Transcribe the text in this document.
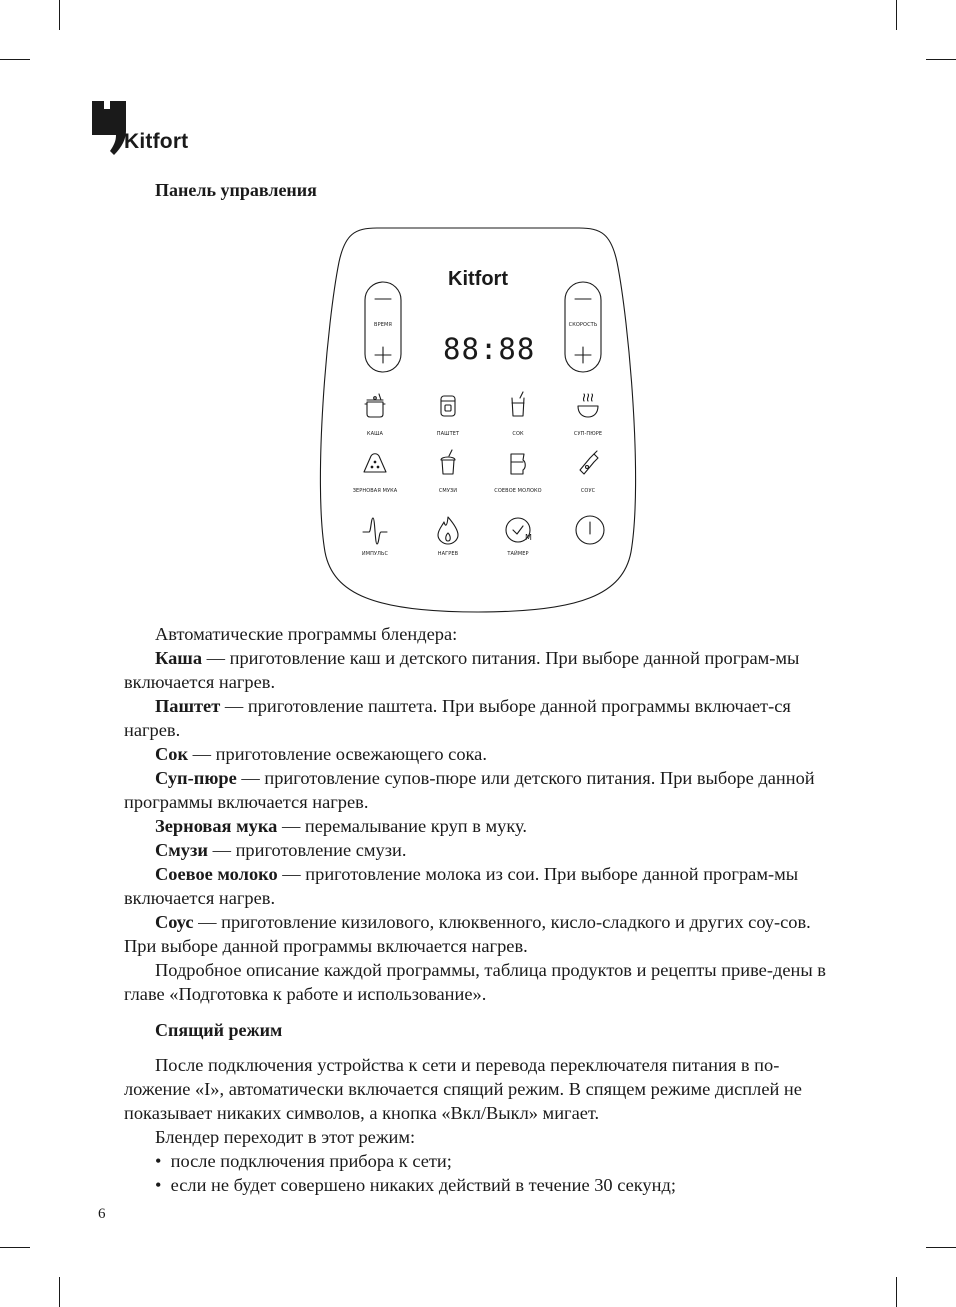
Kitfort
Панель управления
M
Kitfort
88:88
ВРЕМЯ	СКОРОСТЬ
КАША	ПАШТЕТ	СОК	СУП-ПЮРЕ
ЗЕРНОВАЯ МУКА	СМУЗИ	СОЕВОЕ МОЛОКО	СОУС
ИМПУЛЬС	НАГРЕВ	ТАЙМЕР

Автоматические программы блендера:

Каша — приготовление каш и детского питания. При выборе данной програм-мы включается нагрев.

Паштет — приготовление паштета. При выборе данной программы включает-ся нагрев.

Сок — приготовление освежающего сока.

Суп-пюре — приготовление супов-пюре или детского питания. При выборе данной программы включается нагрев.

Зерновая мука — перемалывание круп в муку.

Смузи — приготовление смузи.

Соевое молоко — приготовление молока из сои. При выборе данной програм-мы включается нагрев.

Соус — приготовление кизилового, клюквенного, кисло-сладкого и других соу-сов. При выборе данной программы включается нагрев.

Подробное описание каждой программы, таблица продуктов и рецепты приве-дены в главе «Подготовка к работе и использование».

Спящий режим

После подключения устройства к сети и перевода переключателя питания в по-ложение «I», автоматически включается спящий режим. В спящем режиме дисплей не показывает никаких символов, а кнопка «Вкл/Выкл» мигает.

Блендер переходит в этот режим:

•  после подключения прибора к сети;

•  если не будет совершено никаких действий в течение 30 секунд;

6
